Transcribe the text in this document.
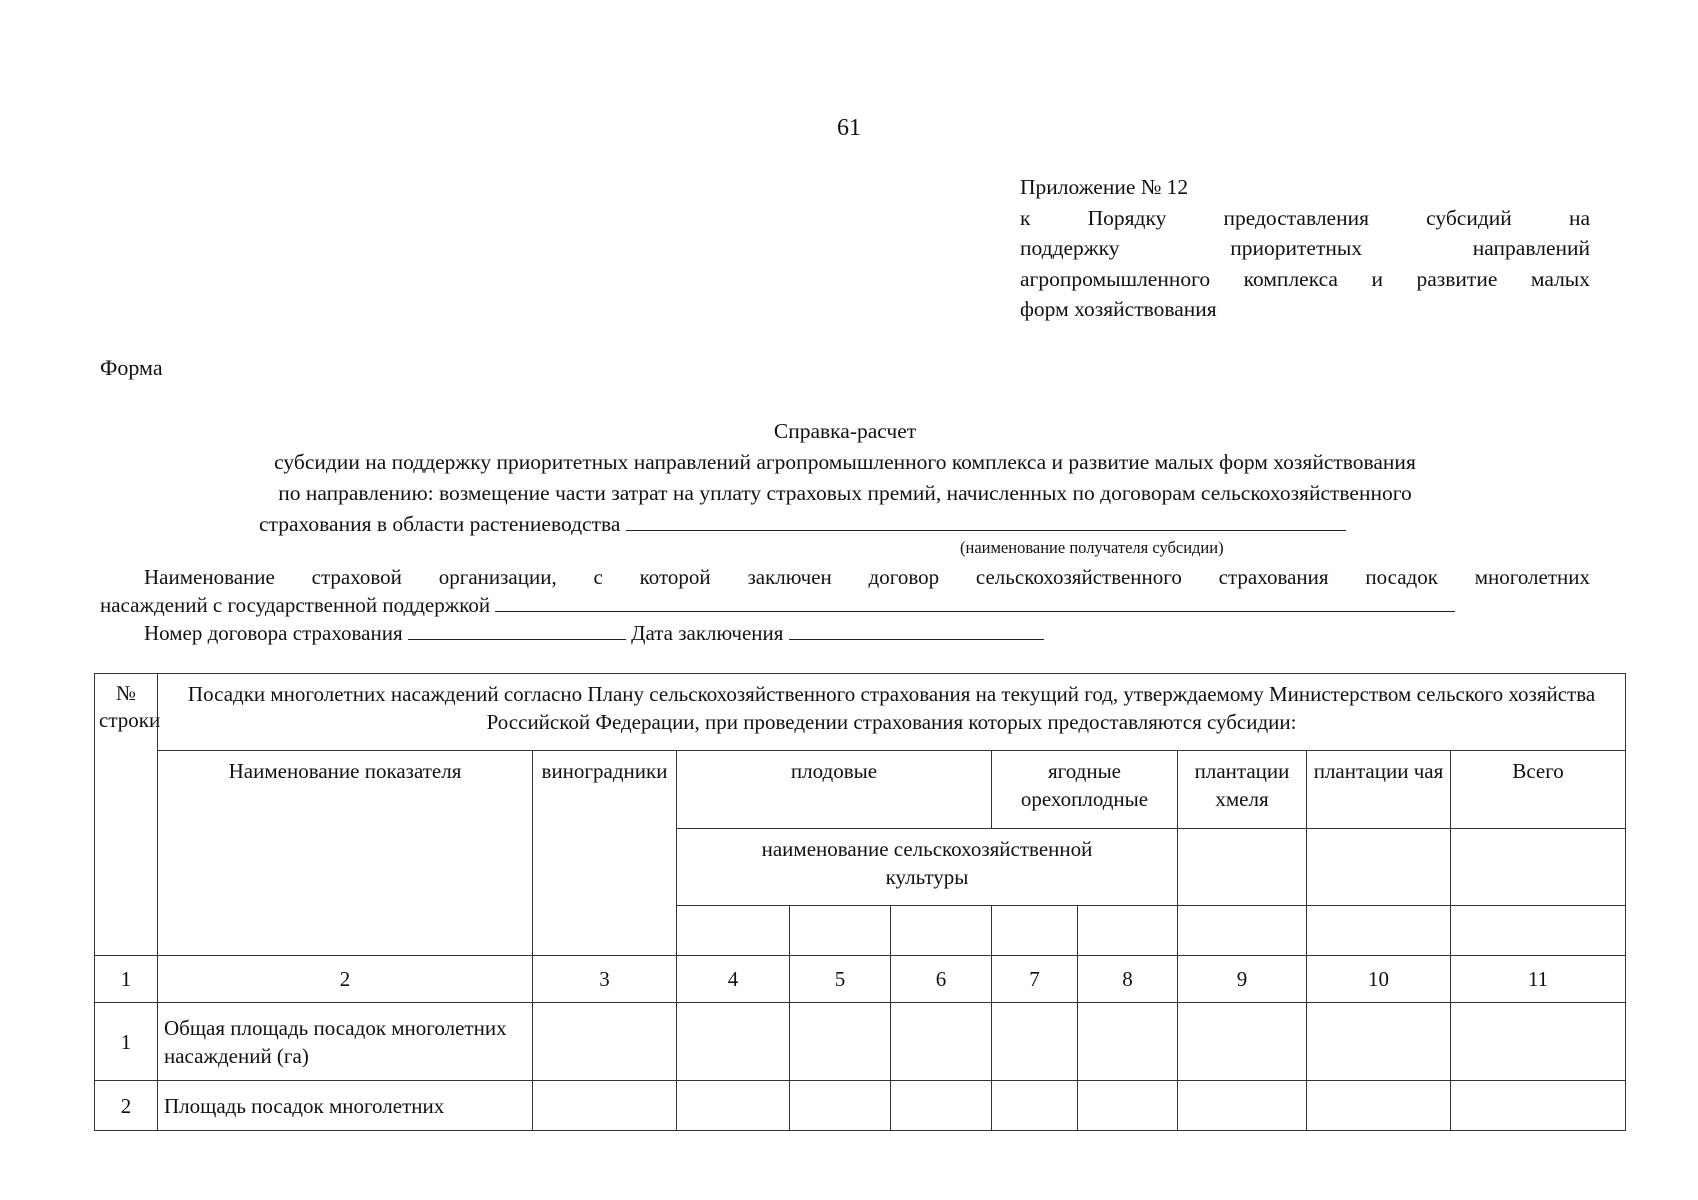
61
Приложение № 12
к Порядку предоставления субсидий на
поддержку приоритетных направлений
агропромышленного комплекса и развитие малых
форм хозяйствования
Форма
Справка-расчет
субсидии на поддержку приоритетных направлений агропромышленного комплекса и развитие малых форм хозяйствования
по направлению: возмещение части затрат на уплату страховых премий, начисленных по договорам сельскохозяйственного
страхования в области растениеводства
(наименование получателя субсидии)
Наименование страховой организации, с которой заключен договор сельскохозяйственного страхования посадок многолетних
насаждений с государственной поддержкой
Номер договора страхования	Дата заключения
№ строки	Посадки многолетних насаждений согласно Плану сельскохозяйственного страхования на текущий год, утверждаемому Министерством сельского хозяйства Российской Федерации, при проведении страхования которых предоставляются субсидии:									
	Наименование показателя	виноградники	плодовые			ягодные орехоплодные		плантации хмеля	плантации чая	Всего
			наименование сельскохозяйственной культуры							

1	2	3	4	5	6	7	8	9	10	11
1	Общая площадь посадок многолетних насаждений (га)									
2	Площадь посадок многолетних									
